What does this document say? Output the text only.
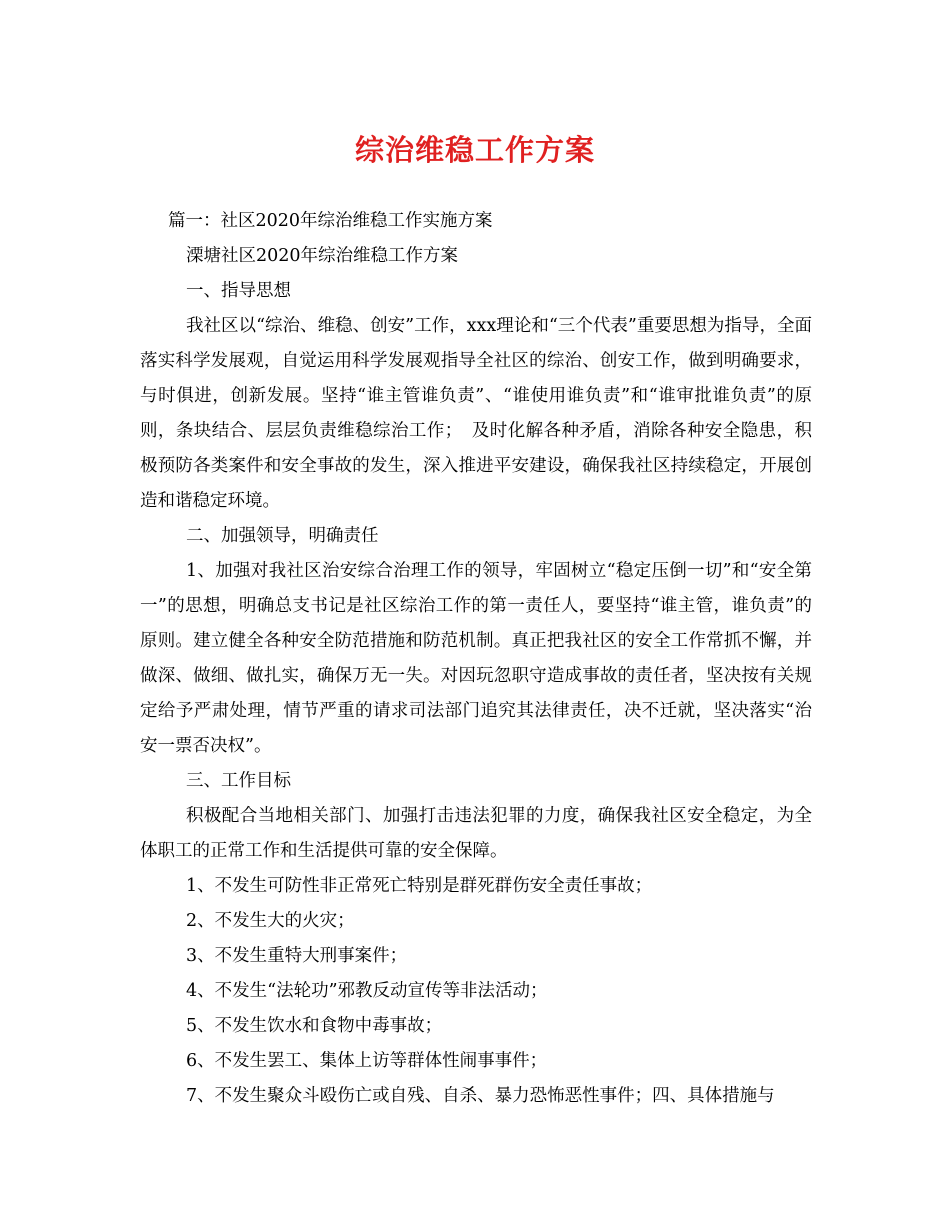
综治维稳工作方案

篇一：社区2020年综治维稳工作实施方案

溧塘社区2020年综治维稳工作方案

一、指导思想

我社区以“综治、维稳、创安”工作，xxx理论和“三个代表”重要思想为指导，全面落实科学发展观，自觉运用科学发展观指导全社区的综治、创安工作，做到明确要求，与时俱进，创新发展。坚持“谁主管谁负责”、“谁使用谁负责”和“谁审批谁负责”的原则，条块结合、层层负责维稳综治工作；　及时化解各种矛盾，消除各种安全隐患，积极预防各类案件和安全事故的发生，深入推进平安建设，确保我社区持续稳定，开展创造和谐稳定环境。

二、加强领导，明确责任

1、加强对我社区治安综合治理工作的领导，牢固树立“稳定压倒一切”和“安全第一”的思想，明确总支书记是社区综治工作的第一责任人，要坚持“谁主管，谁负责”的原则。建立健全各种安全防范措施和防范机制。真正把我社区的安全工作常抓不懈，并做深、做细、做扎实，确保万无一失。对因玩忽职守造成事故的责任者，坚决按有关规定给予严肃处理，情节严重的请求司法部门追究其法律责任，决不迁就，坚决落实“治安一票否决权”。

三、工作目标

积极配合当地相关部门、加强打击违法犯罪的力度，确保我社区安全稳定，为全体职工的正常工作和生活提供可靠的安全保障。

1、不发生可防性非正常死亡特别是群死群伤安全责任事故；

2、不发生大的火灾；

3、不发生重特大刑事案件；

4、不发生“法轮功”邪教反动宣传等非法活动；

5、不发生饮水和食物中毒事故；

6、不发生罢工、集体上访等群体性闹事事件；

7、不发生聚众斗殴伤亡或自残、自杀、暴力恐怖恶性事件；四、具体措施与
